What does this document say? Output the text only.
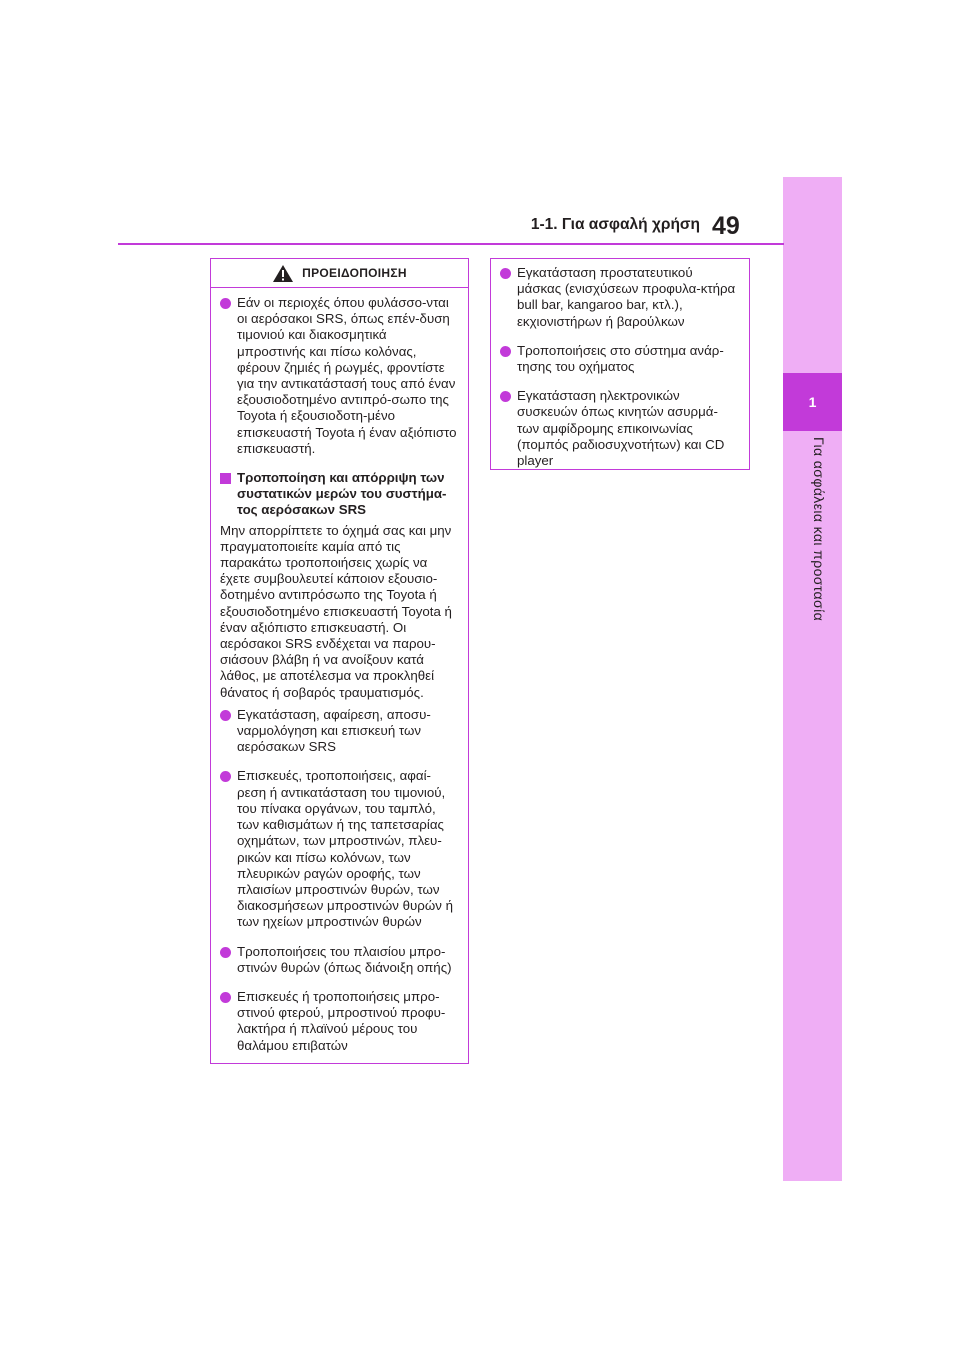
1
Για ασφάλεια και προστασία
1-1. Για ασφαλή χρήση 49
ΠΡΟΕΙΔΟΠΟΙΗΣΗ
Εάν οι περιοχές όπου φυλάσσο-νται οι αερόσακοι SRS, όπως επέν-δυση τιμονιού και διακοσμητικά μπροστινής και πίσω κολόνας, φέρουν ζημιές ή ρωγμές, φροντίστε για την αντικατάστασή τους από έναν εξουσιοδοτημένο αντιπρό-σωπο της Toyota ή εξουσιοδοτη-μένο επισκευαστή Toyota ή έναν αξιόπιστο επισκευαστή.
Τροποποίηση και απόρριψη των συστατικών μερών του συστήμα-τος αερόσακων SRS
Μην απορρίπτετε το όχημά σας και μην πραγματοποιείτε καμία από τις παρακάτω τροποποιήσεις χωρίς να έχετε συμβουλευτεί κάποιον εξουσιο-δοτημένο αντιπρόσωπο της Toyota ή εξουσιοδοτημένο επισκευαστή Toyota ή έναν αξιόπιστο επισκευαστή. Οι αερόσακοι SRS ενδέχεται να παρου-σιάσουν βλάβη ή να ανοίξουν κατά λάθος, με αποτέλεσμα να προκληθεί θάνατος ή σοβαρός τραυματισμός.
Εγκατάσταση, αφαίρεση, αποσυ-ναρμολόγηση και επισκευή των αερόσακων SRS
Επισκευές, τροποποιήσεις, αφαί-ρεση ή αντικατάσταση του τιμονιού, του πίνακα οργάνων, του ταμπλό, των καθισμάτων ή της ταπετσαρίας οχημάτων, των μπροστινών, πλευ-ρικών και πίσω κολόνων, των πλευρικών ραγών οροφής, των πλαισίων μπροστινών θυρών, των διακοσμήσεων μπροστινών θυρών ή των ηχείων μπροστινών θυρών
Τροποποιήσεις του πλαισίου μπρο-στινών θυρών (όπως διάνοιξη οπής)
Επισκευές ή τροποποιήσεις μπρο-στινού φτερού, μπροστινού προφυ-λακτήρα ή πλαϊνού μέρους του θαλάμου επιβατών
Εγκατάσταση προστατευτικού μάσκας (ενισχύσεων προφυλα-κτήρα bull bar, kangaroo bar, κτλ.), εκχιονιστήρων ή βαρούλκων
Τροποποιήσεις στο σύστημα ανάρ-τησης του οχήματος
Εγκατάσταση ηλεκτρονικών συσκευών όπως κινητών ασυρμά-των αμφίδρομης επικοινωνίας (πομπός ραδιοσυχνοτήτων) και CD player
